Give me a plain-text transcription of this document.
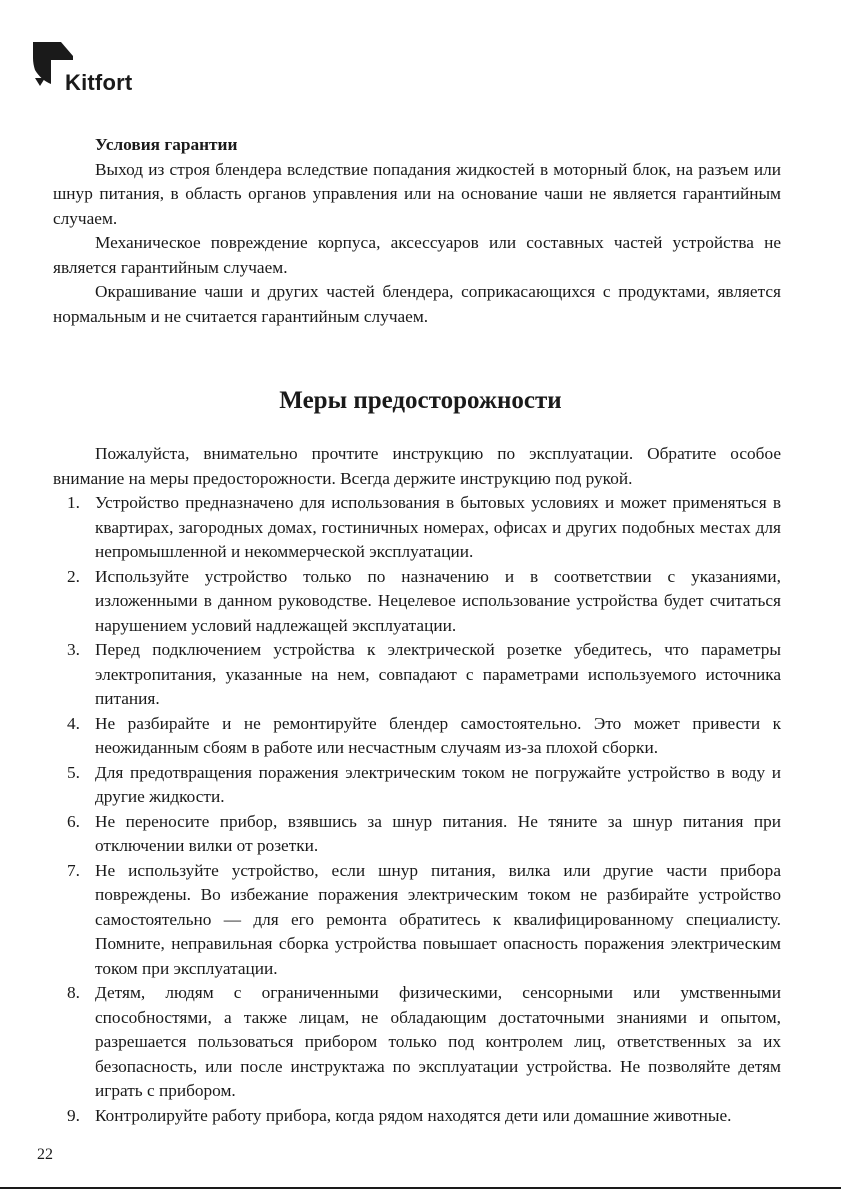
Kitfort

Условия гарантии

Выход из строя блендера вследствие попадания жидкостей в моторный блок, на разъем или шнур питания, в область органов управления или на основание чаши не является гарантийным случаем.

Механическое повреждение корпуса, аксессуаров или составных частей устройства не является гарантийным случаем.

Окрашивание чаши и других частей блендера, соприкасающихся с продуктами, является нормальным и не считается гарантийным случаем.

Меры предосторожности

Пожалуйста, внимательно прочтите инструкцию по эксплуатации. Обратите особое внимание на меры предосторожности. Всегда держите инструкцию под рукой.

1. Устройство предназначено для использования в бытовых условиях и может применяться в квартирах, загородных домах, гостиничных номерах, офисах и других подобных местах для непромышленной и некоммерческой эксплуатации.
2. Используйте устройство только по назначению и в соответствии с указаниями, изложенными в данном руководстве. Нецелевое использование устройства будет считаться нарушением условий надлежащей эксплуатации.
3. Перед подключением устройства к электрической розетке убедитесь, что параметры электропитания, указанные на нем, совпадают с параметрами используемого источника питания.
4. Не разбирайте и не ремонтируйте блендер самостоятельно. Это может привести к неожиданным сбоям в работе или несчастным случаям из-за плохой сборки.
5. Для предотвращения поражения электрическим током не погружайте устройство в воду и другие жидкости.
6. Не переносите прибор, взявшись за шнур питания. Не тяните за шнур питания при отключении вилки от розетки.
7. Не используйте устройство, если шнур питания, вилка или другие части прибора повреждены. Во избежание поражения электрическим током не разбирайте устройство самостоятельно — для его ремонта обратитесь к квалифицированному специалисту. Помните, неправильная сборка устройства повышает опасность поражения электрическим током при эксплуатации.
8. Детям, людям с ограниченными физическими, сенсорными или умственными способностями, а также лицам, не обладающим достаточными знаниями и опытом, разрешается пользоваться прибором только под контролем лиц, ответственных за их безопасность, или после инструктажа по эксплуатации устройства. Не позволяйте детям играть с прибором.
9. Контролируйте работу прибора, когда рядом находятся дети или домашние животные.
22
